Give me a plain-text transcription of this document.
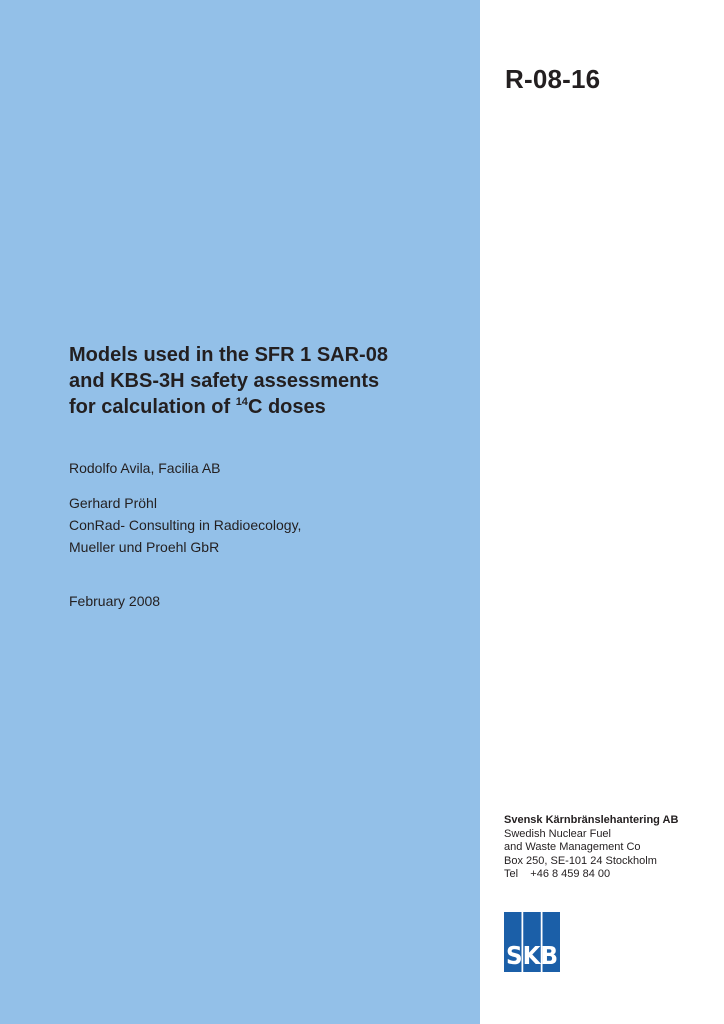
R-08-16
Models used in the SFR 1 SAR-08
and KBS-3H safety assessments
for calculation of $^{14}$C doses
Rodolfo Avila, Facilia AB
Gerhard Pröhl
ConRad- Consulting in Radioecology,
Mueller und Proehl GbR
February 2008
Svensk Kärnbränslehantering AB
Swedish Nuclear Fuel
and Waste Management Co
Box 250, SE-101 24 Stockholm
Tel    +46 8 459 84 00
SKB
